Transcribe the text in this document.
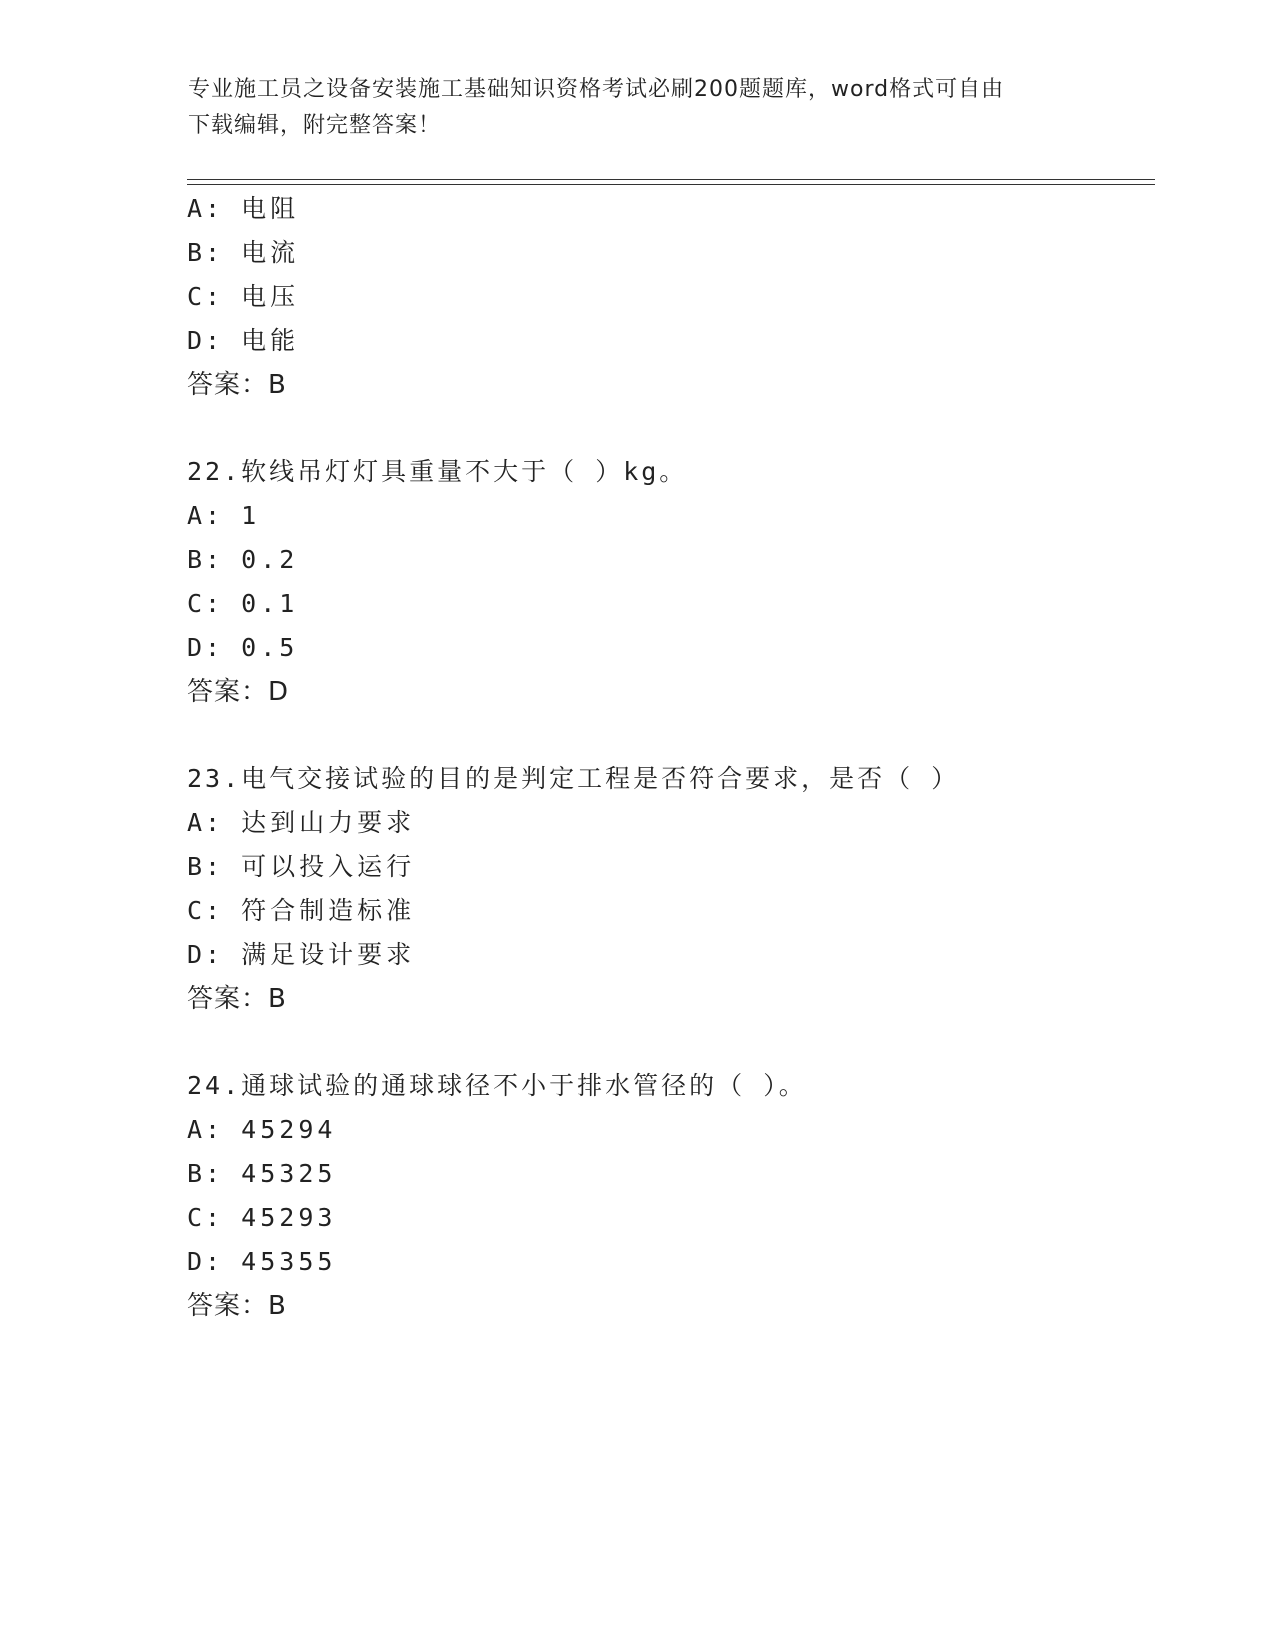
专业施工员之设备安装施工基础知识资格考试必刷200题题库，word格式可自由
下载编辑，附完整答案！
A: 电阻
B: 电流
C: 电压
D: 电能
答案：B
22.软线吊灯灯具重量不大于（ ）kg。
A: 1
B: 0.2
C: 0.1
D: 0.5
答案：D
23.电气交接试验的目的是判定工程是否符合要求，是否（ ）
A: 达到山力要求
B: 可以投入运行
C: 符合制造标准
D: 满足设计要求
答案：B
24.通球试验的通球球径不小于排水管径的（ ）。
A: 45294
B: 45325
C: 45293
D: 45355
答案：B
